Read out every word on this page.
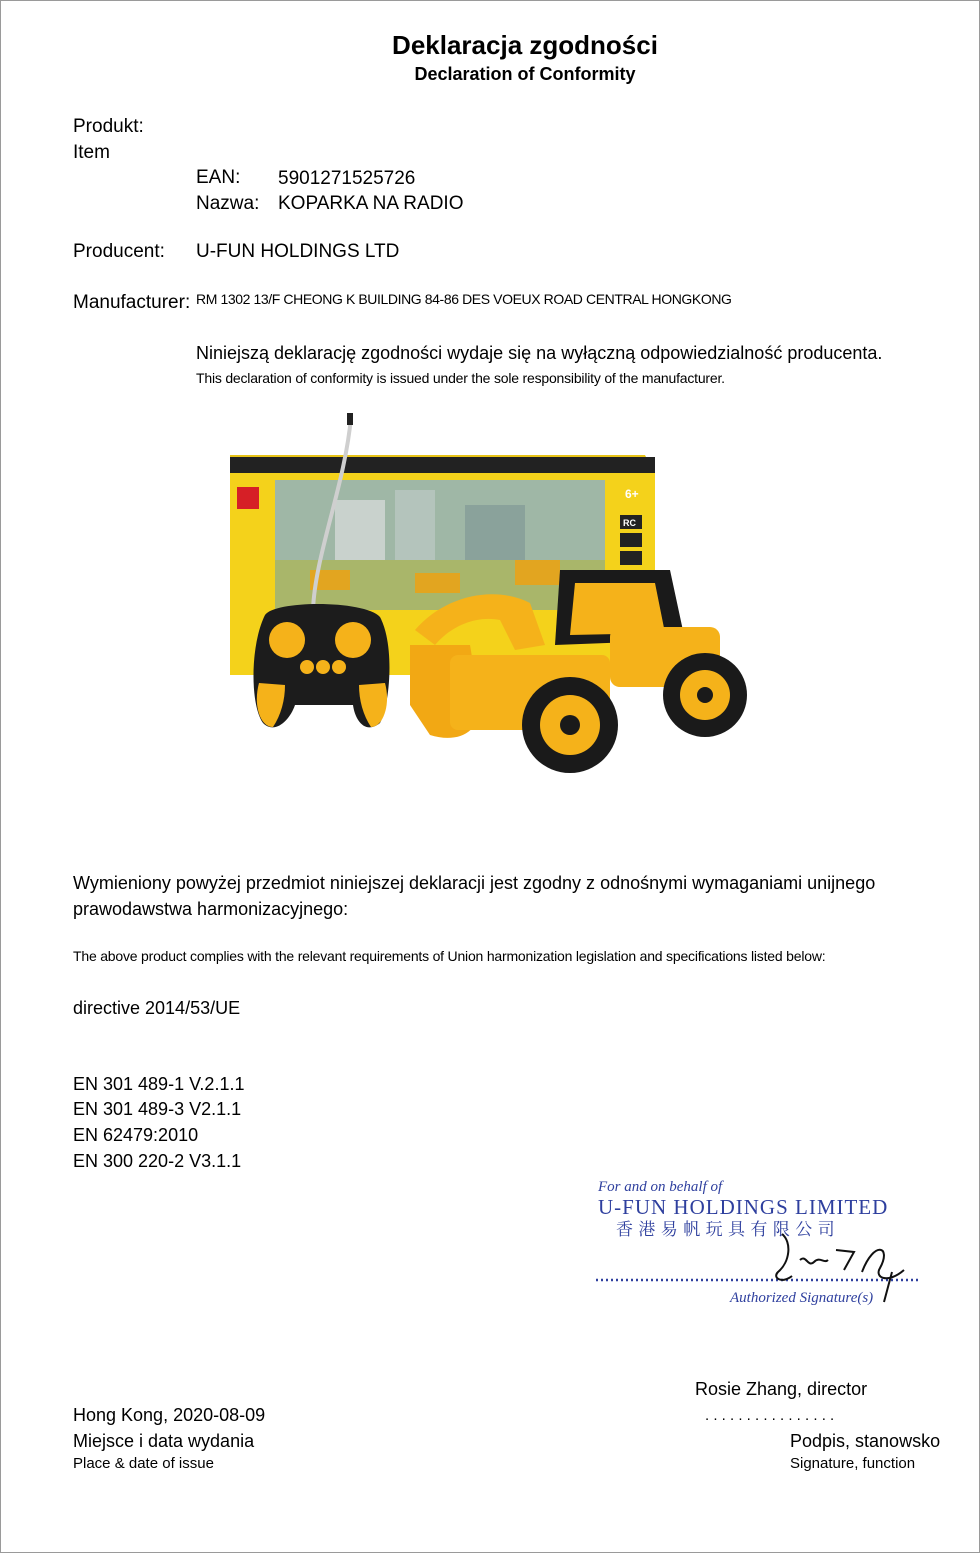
Deklaracja zgodności
Declaration of Conformity
Produkt:
Item
EAN: 5901271525726
Nazwa: KOPARKA NA RADIO
Producent: U-FUN HOLDINGS LTD
Manufacturer: RM 1302 13/F CHEONG K BUILDING 84-86 DES VOEUX ROAD CENTRAL HONGKONG
Niniejszą deklarację zgodności wydaje się na wyłączną odpowiedzialność producenta.
This declaration of conformity is issued under the sole responsibility of the manufacturer.
6+
RC
Wymieniony powyżej przedmiot niniejszej deklaracji jest zgodny z odnośnymi wymaganiami unijnego
prawodawstwa harmonizacyjnego:
The above product complies with the relevant requirements of Union harmonization legislation and specifications listed below:
directive 2014/53/UE
EN 301 489-1 V.2.1.1
EN 301 489-3 V2.1.1
EN 62479:2010
EN 300 220-2 V3.1.1
For and on behalf of
U-FUN HOLDINGS LIMITED
香 港 易 帆 玩 具 有 限 公 司
Authorized Signature(s)
Rosie Zhang, director
. . . . . . . . . . . . . . . .
Hong Kong, 2020-08-09
Miejsce i data wydania	Podpis, stanowsko
Place & date of issue	Signature, function
